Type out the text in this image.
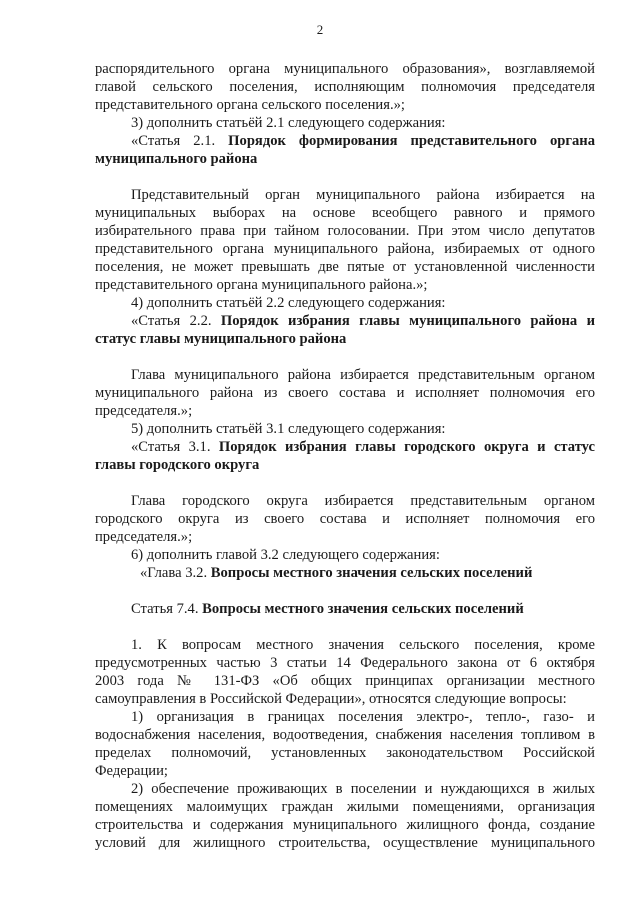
2
распорядительного органа муниципального образования», возглавляемой
главой сельского поселения, исполняющим полномочия председателя
представительного органа сельского поселения.»;
3) дополнить статьёй 2.1 следующего содержания:
«Статья 2.1. Порядок формирования представительного органа
муниципального района
Представительный орган муниципального района избирается на
муниципальных выборах на основе всеобщего равного и прямого
избирательного права при тайном голосовании. При этом число депутатов
представительного органа муниципального района, избираемых от одного
поселения, не может превышать две пятые от установленной численности
представительного органа муниципального района.»;
4) дополнить статьёй 2.2 следующего содержания:
«Статья 2.2. Порядок избрания главы муниципального района и
статус главы муниципального района
Глава муниципального района избирается представительным органом
муниципального района из своего состава и исполняет полномочия его
председателя.»;
5) дополнить статьёй 3.1 следующего содержания:
«Статья 3.1. Порядок избрания главы городского округа и статус
главы городского округа
Глава городского округа избирается представительным органом
городского округа из своего состава и исполняет полномочия его
председателя.»;
6) дополнить главой 3.2 следующего содержания:
«Глава 3.2. Вопросы местного значения сельских поселений
Статья 7.4. Вопросы местного значения сельских поселений
1. К вопросам местного значения сельского поселения, кроме
предусмотренных частью 3 статьи 14 Федерального закона от 6 октября
2003 года № 131-ФЗ «Об общих принципах организации местного
самоуправления в Российской Федерации», относятся следующие вопросы:
1) организация в границах поселения электро-, тепло-, газо- и
водоснабжения населения, водоотведения, снабжения населения топливом в
пределах полномочий, установленных законодательством Российской
Федерации;
2) обеспечение проживающих в поселении и нуждающихся в жилых
помещениях малоимущих граждан жилыми помещениями, организация
строительства и содержания муниципального жилищного фонда, создание
условий для жилищного строительства, осуществление муниципального
